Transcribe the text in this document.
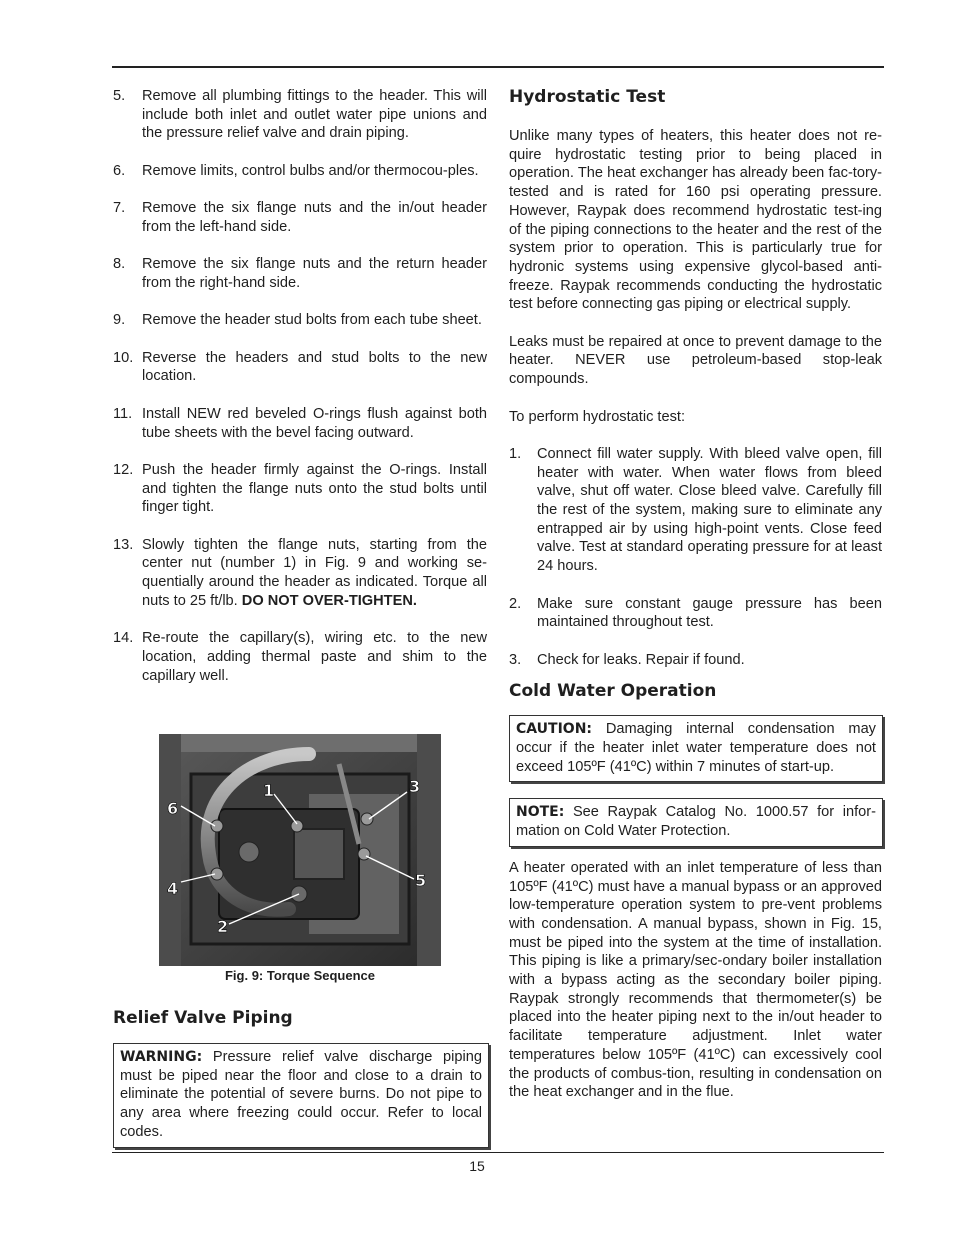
5. Remove all plumbing fittings to the header. This will include both inlet and outlet water pipe unions and the pressure relief valve and drain piping.
6. Remove limits, control bulbs and/or thermocou-ples.
7. Remove the six flange nuts and the in/out header from the left-hand side.
8. Remove the six flange nuts and the return header from the right-hand side.
9. Remove the header stud bolts from each tube sheet.
10. Reverse the headers and stud bolts to the new location.
11. Install NEW red beveled O-rings flush against both tube sheets with the bevel facing outward.
12. Push the header firmly against the O-rings. Install and tighten the flange nuts onto the stud bolts until finger tight.
13. Slowly tighten the flange nuts, starting from the center nut (number 1) in Fig. 9 and working se-quentially around the header as indicated. Torque all nuts to 25 ft/lb. DO NOT OVER-TIGHTEN.
14. Re-route the capillary(s), wiring etc. to the new location, adding thermal paste and shim to the capillary well.
1
2
3
4	5
6
Fig. 9: Torque Sequence
Relief Valve Piping

WARNING: Pressure relief valve discharge piping must be piped near the floor and close to a drain to eliminate the potential of severe burns. Do not pipe to any area where freezing could occur. Refer to local codes.

Hydrostatic Test

Unlike many types of heaters, this heater does not re-quire hydrostatic testing prior to being placed in operation. The heat exchanger has already been fac-tory-tested and is rated for 160 psi operating pressure. However, Raypak does recommend hydrostatic test-ing of the piping connections to the heater and the rest of the system prior to operation. This is particularly true for hydronic systems using expensive glycol-based anti-freeze. Raypak recommends conducting the hydrostatic test before connecting gas piping or electrical supply.

Leaks must be repaired at once to prevent damage to the heater. NEVER use petroleum-based stop-leak compounds.

To perform hydrostatic test:

1. Connect fill water supply. With bleed valve open, fill heater with water. When water flows from bleed valve, shut off water. Close bleed valve. Carefully fill the rest of the system, making sure to eliminate any entrapped air by using high-point vents. Close feed valve. Test at standard operating pressure for at least 24 hours.
2. Make sure constant gauge pressure has been maintained throughout test.
3. Check for leaks. Repair if found.
Cold Water Operation

CAUTION: Damaging internal condensation may occur if the heater inlet water temperature does not exceed 105ºF (41ºC) within 7 minutes of start-up.

NOTE: See Raypak Catalog No. 1000.57 for infor-mation on Cold Water Protection.

A heater operated with an inlet temperature of less than 105ºF (41ºC) must have a manual bypass or an approved low-temperature operation system to pre-vent problems with condensation. A manual bypass, shown in Fig. 15, must be piped into the system at the time of installation. This piping is like a primary/sec-ondary boiler installation with a bypass acting as the secondary boiler piping. Raypak strongly recommends that thermometer(s) be placed into the heater piping next to the in/out header to facilitate temperature adjustment. Inlet water temperatures below 105ºF (41ºC) can excessively cool the products of combus-tion, resulting in condensation on the heat exchanger and in the flue.

15
